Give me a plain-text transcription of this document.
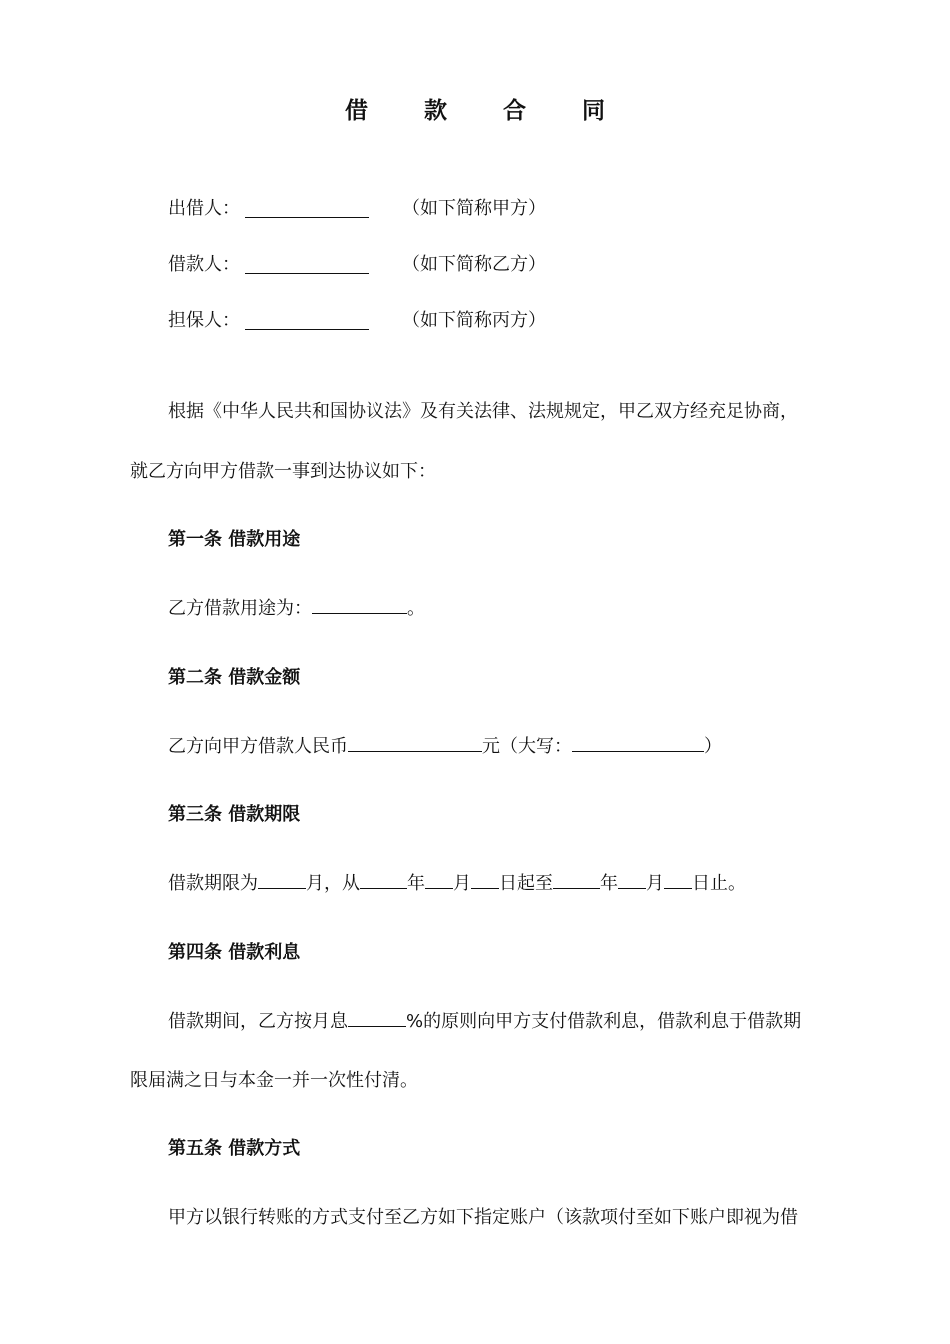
借 款 合 同
出借人：	（如下简称甲方）
借款人：	（如下简称乙方）
担保人：	（如下简称丙方）
根据《中华人民共和国协议法》及有关法律、法规规定，甲乙双方经充足协商，
就乙方向甲方借款一事到达协议如下：
第一条 借款用途
乙方借款用途为：	。
第二条 借款金额
乙方向甲方借款人民币	元（大写：	）
第三条 借款期限
借款期限为	月，从	年 月 日起至	年 月 日止。
第四条 借款利息
借款期间，乙方按月息	%的原则向甲方支付借款利息，借款利息于借款期
限届满之日与本金一并一次性付清。
第五条 借款方式
甲方以银行转账的方式支付至乙方如下指定账户（该款项付至如下账户即视为借
